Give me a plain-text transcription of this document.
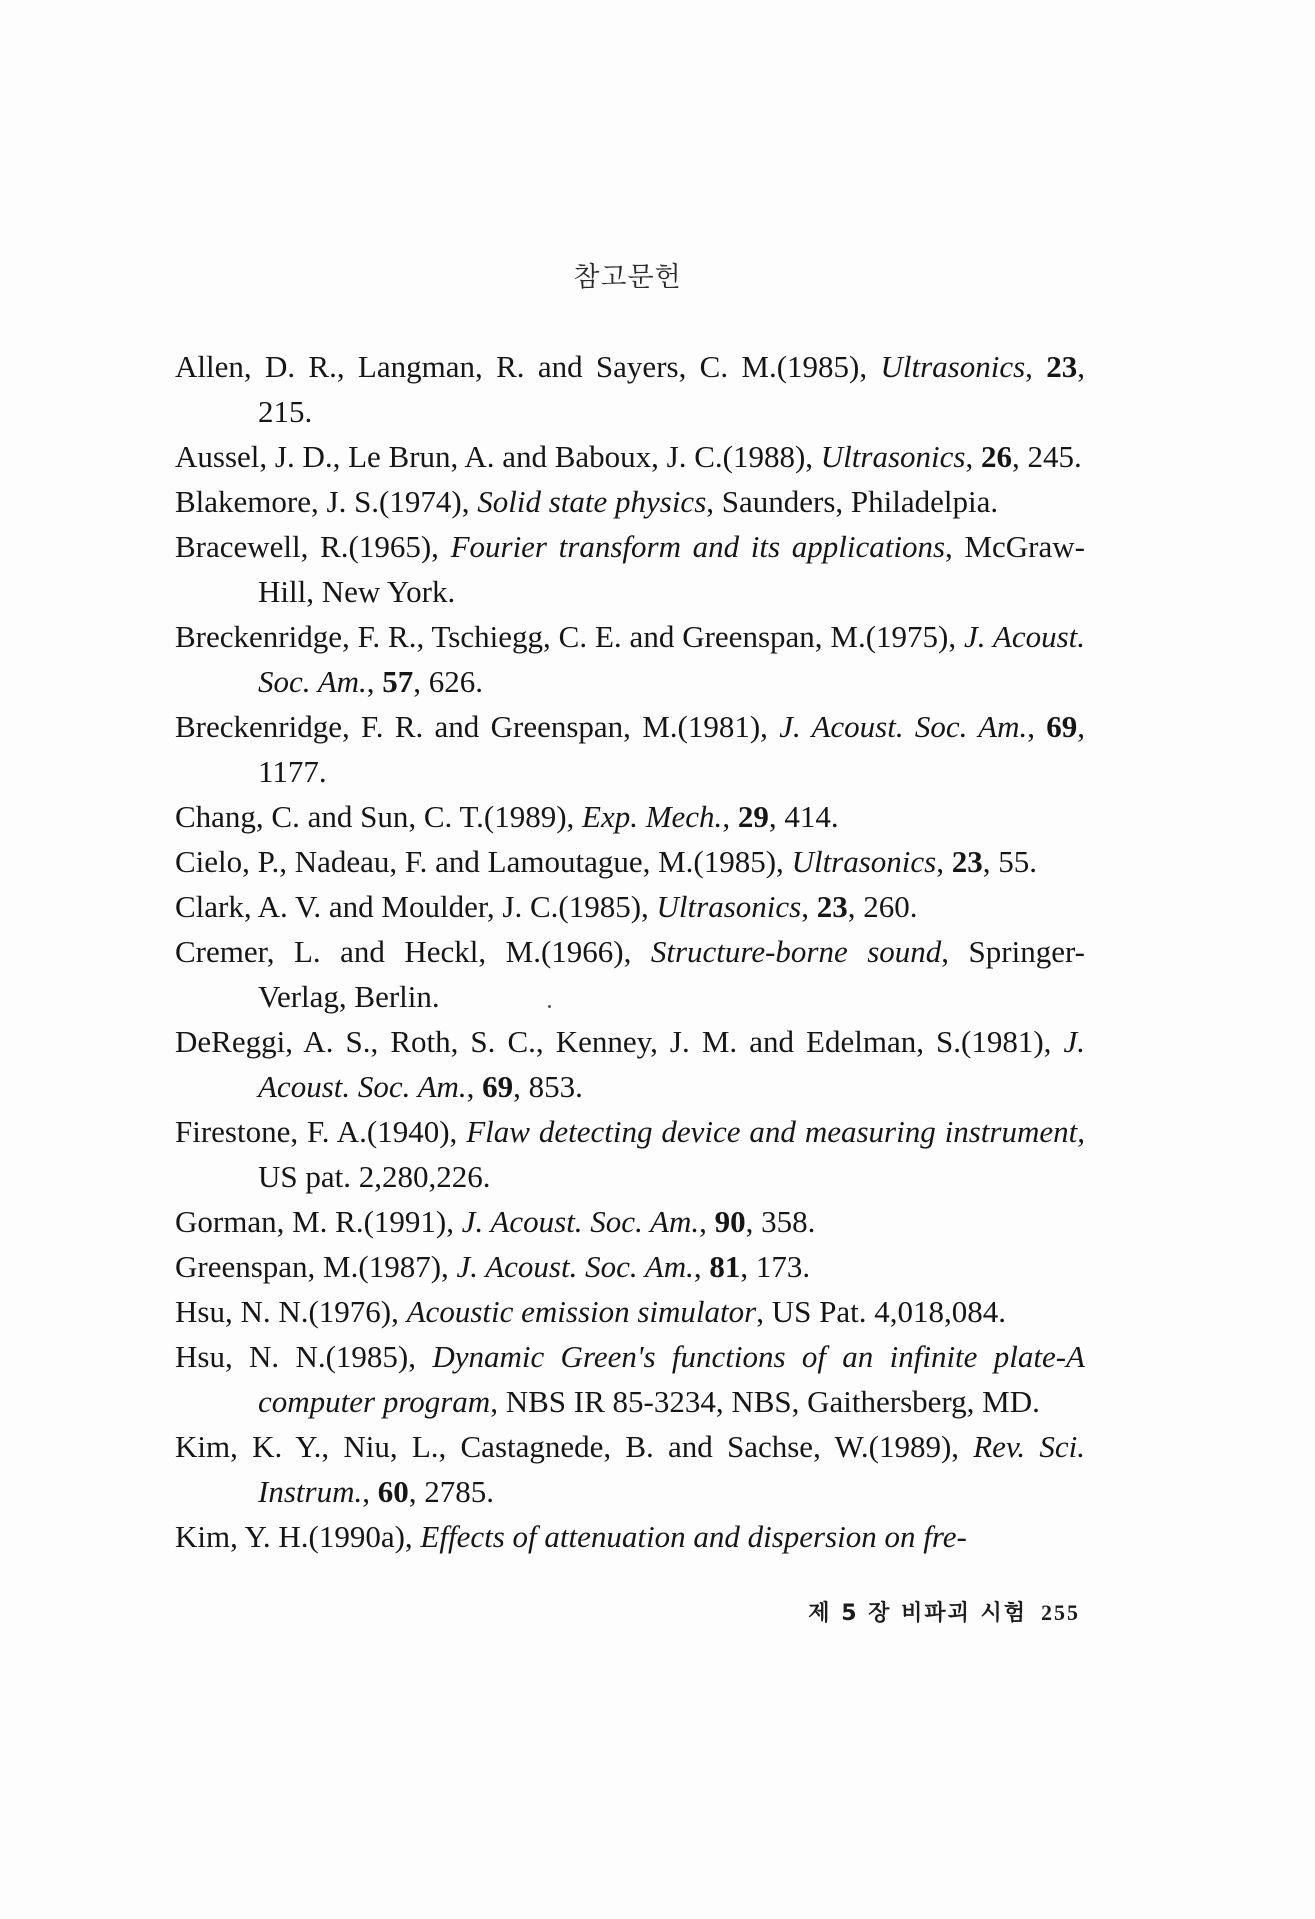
참고문헌
Allen, D. R., Langman, R. and Sayers, C. M.(1985), Ultrasonics, 23, 215.
Aussel, J. D., Le Brun, A. and Baboux, J. C.(1988), Ultrasonics, 26, 245.
Blakemore, J. S.(1974), Solid state physics, Saunders, Philadelpia.
Bracewell, R.(1965), Fourier transform and its applications, McGraw-Hill, New York.
Breckenridge, F. R., Tschiegg, C. E. and Greenspan, M.(1975), J. Acoust. Soc. Am., 57, 626.
Breckenridge, F. R. and Greenspan, M.(1981), J. Acoust. Soc. Am., 69, 1177.
Chang, C. and Sun, C. T.(1989), Exp. Mech., 29, 414.
Cielo, P., Nadeau, F. and Lamoutague, M.(1985), Ultrasonics, 23, 55.
Clark, A. V. and Moulder, J. C.(1985), Ultrasonics, 23, 260.
Cremer, L. and Heckl, M.(1966), Structure-borne sound, Springer-Verlag, Berlin.
DeReggi, A. S., Roth, S. C., Kenney, J. M. and Edelman, S.(1981), J. Acoust. Soc. Am., 69, 853.
Firestone, F. A.(1940), Flaw detecting device and measuring instrument, US pat. 2,280,226.
Gorman, M. R.(1991), J. Acoust. Soc. Am., 90, 358.
Greenspan, M.(1987), J. Acoust. Soc. Am., 81, 173.
Hsu, N. N.(1976), Acoustic emission simulator, US Pat. 4,018,084.
Hsu, N. N.(1985), Dynamic Green's functions of an infinite plate-A computer program, NBS IR 85-3234, NBS, Gaithersberg, MD.
Kim, K. Y., Niu, L., Castagnede, B. and Sachse, W.(1989), Rev. Sci. Instrum., 60, 2785.
Kim, Y. H.(1990a), Effects of attenuation and dispersion on fre-
제 5 장 비파괴 시험 255
